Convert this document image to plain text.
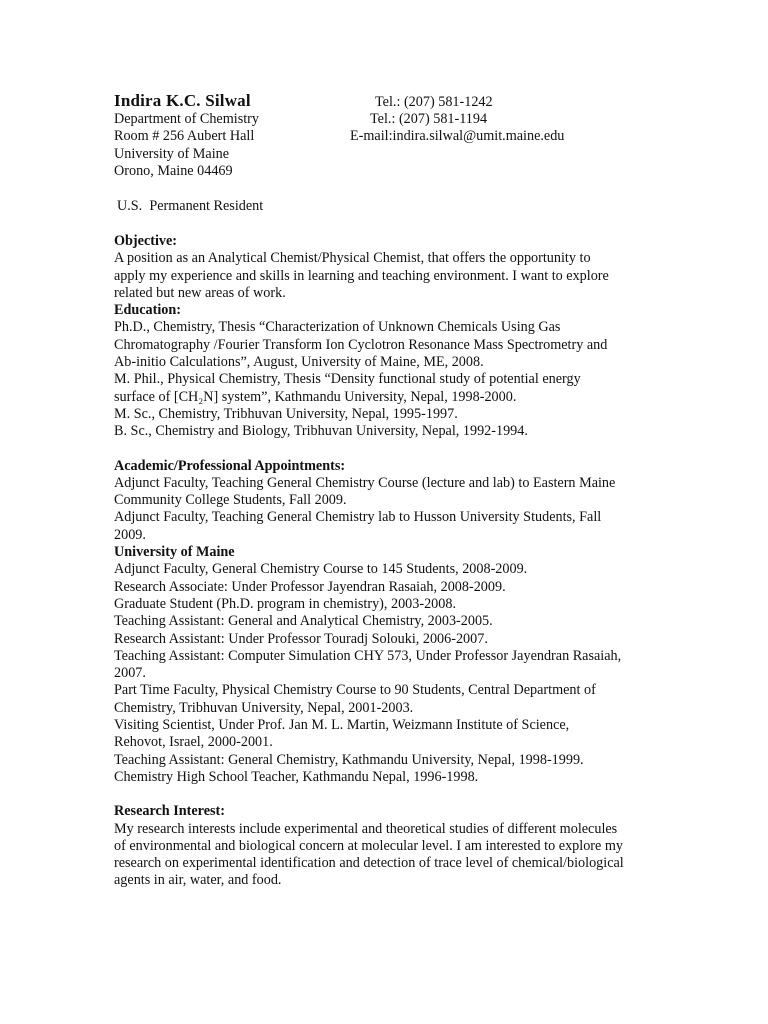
Indira K.C. Silwal	Tel.: (207) 581-1242
Department of Chemistry	Tel.: (207) 581-1194
Room # 256 Aubert Hall	E-mail:indira.silwal@umit.maine.edu
University of Maine
Orono, Maine 04469
U.S.  Permanent Resident

Objective:

A position as an Analytical Chemist/Physical Chemist, that offers the opportunity to

apply my experience and skills in learning and teaching environment. I want to explore

related but new areas of work.

Education:

Ph.D., Chemistry, Thesis “Characterization of Unknown Chemicals Using Gas

Chromatography /Fourier Transform Ion Cyclotron Resonance Mass Spectrometry and

Ab-initio Calculations”, August, University of Maine, ME, 2008.

M. Phil., Physical Chemistry, Thesis “Density functional study of potential energy

surface of [CH₂N] system”, Kathmandu University, Nepal, 1998-2000.

M. Sc., Chemistry, Tribhuvan University, Nepal, 1995-1997.

B. Sc., Chemistry and Biology, Tribhuvan University, Nepal, 1992-1994.

Academic/Professional Appointments:

Adjunct Faculty, Teaching General Chemistry Course (lecture and lab) to Eastern Maine

Community College Students, Fall 2009.

Adjunct Faculty, Teaching General Chemistry lab to Husson University Students, Fall

2009.

University of Maine

Adjunct Faculty, General Chemistry Course to 145 Students, 2008-2009.

Research Associate: Under Professor Jayendran Rasaiah, 2008-2009.

Graduate Student (Ph.D. program in chemistry), 2003-2008.

Teaching Assistant: General and Analytical Chemistry, 2003-2005.

Research Assistant: Under Professor Touradj Solouki, 2006-2007.

Teaching Assistant: Computer Simulation CHY 573, Under Professor Jayendran Rasaiah,

2007.

Part Time Faculty, Physical Chemistry Course to 90 Students, Central Department of

Chemistry, Tribhuvan University, Nepal, 2001-2003.

Visiting Scientist, Under Prof. Jan M. L. Martin, Weizmann Institute of Science,

Rehovot, Israel, 2000-2001.

Teaching Assistant: General Chemistry, Kathmandu University, Nepal, 1998-1999.

Chemistry High School Teacher, Kathmandu Nepal, 1996-1998.

Research Interest:

My research interests include experimental and theoretical studies of different molecules

of environmental and biological concern at molecular level. I am interested to explore my

research on experimental identification and detection of trace level of chemical/biological

agents in air, water, and food.
